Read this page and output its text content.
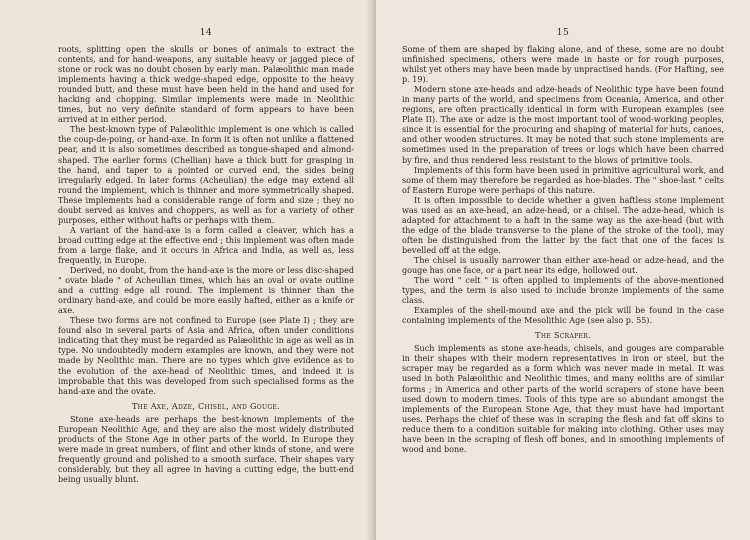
14

roots, splitting open the skulls or bones of animals to extract the contents, and for hand-weapons, any suitable heavy or jagged piece of stone or rock was no doubt chosen by early man. Palæolithic man made implements having a thick wedge-shaped edge, opposite to the heavy rounded butt, and these must have been held in the hand and used for hacking and chopping. Similar implements were made in Neolithic times, but no very definite standard of form appears to have been arrived at in either period.

The best-known type of Palæolithic implement is one which is called the coup-de-poing, or hand-axe. In form it is often not unlike a flattened pear, and it is also sometimes described as tongue-shaped and almond-shaped. The earlier forms (Chellian) have a thick butt for grasping in the hand, and taper to a pointed or curved end, the sides being irregularly edged. In later forms (Acheulian) the edge may extend all round the implement, which is thinner and more symmetrically shaped. These implements had a considerable range of form and size ; they no doubt served as knives and choppers, as well as for a variety of other purposes, either without hafts or perhaps with them.

A variant of the hand-axe is a form called a cleaver, which has a broad cutting edge at the effective end ; this implement was often made from a large flake, and it occurs in Africa and India, as well as, less frequently, in Europe.

Derived, no doubt, from the hand-axe is the more or less disc-shaped " ovate blade " of Acheulian times, which has an oval or ovate outline and a cutting edge all round. The implement is thinner than the ordinary hand-axe, and could be more easily hafted, either as a knife or axe.

These two forms are not confined to Europe (see Plate I) ; they are found also in several parts of Asia and Africa, often under conditions indicating that they must be regarded as Palæolithic in age as well as in type. No undoubtedly modern examples are known, and they were not made by Neolithic man. There are no types which give evidence as to the evolution of the axe-head of Neolithic times, and indeed it is improbable that this was developed from such specialised forms as the hand-axe and the ovate.

The Axe, Adze, Chisel, and Gouge.

Stone axe-heads are perhaps the best-known implements of the European Neolithic Age, and they are also the most widely distributed products of the Stone Age in other parts of the world. In Europe they were made in great numbers, of flint and other kinds of stone, and were frequently ground and polished to a smooth surface. Their shapes vary considerably, but they all agree in having a cutting edge, the butt-end being usually blunt.

15

Some of them are shaped by flaking alone, and of these, some are no doubt unfinished specimens, others were made in haste or for rough purposes, whilst yet others may have been made by unpractised hands. (For Hafting, see p. 19).

Modern stone axe-heads and adze-heads of Neolithic type have been found in many parts of the world, and specimens from Oceania, America, and other regions, are often practically identical in form with European examples (see Plate II). The axe or adze is the most important tool of wood-working peoples, since it is essential for the procuring and shaping of material for huts, canoes, and other wooden structures. It may be noted that such stone implements are sometimes used in the preparation of trees or logs which have been charred by fire, and thus rendered less resistant to the blows of primitive tools.

Implements of this form have been used in primitive agricultural work, and some of them may therefore be regarded as hoe-blades. The " shoe-last " celts of Eastern Europe were perhaps of this nature.

It is often impossible to decide whether a given haftless stone implement was used as an axe-head, an adze-head, or a chisel. The adze-head, which is adapted for attachment to a haft in the same way as the axe-head (but with the edge of the blade transverse to the plane of the stroke of the tool), may often be distinguished from the latter by the fact that one of the faces is bevelled off at the edge.

The chisel is usually narrower than either axe-head or adze-head, and the gouge has one face, or a part near its edge, hollowed out.

The word " celt " is often applied to implements of the above-mentioned types, and the term is also used to include bronze implements of the same class.

Examples of the shell-mound axe and the pick will be found in the case containing implements of the Mesolithic Age (see also p. 55).

The Scraper.

Such implements as stone axe-heads, chisels, and gouges are comparable in their shapes with their modern representatives in iron or steel, but the scraper may be regarded as a form which was never made in metal. It was used in both Palæolithic and Neolithic times, and many eoliths are of similar forms ; in America and other parts of the world scrapers of stone have been used down to modern times. Tools of this type are so abundant amongst the implements of the European Stone Age, that they must have had important uses. Perhaps the chief of these was in scraping the flesh and fat off skins to reduce them to a condition suitable for making into clothing. Other uses may have been in the scraping of flesh off bones, and in smoothing implements of wood and bone.
